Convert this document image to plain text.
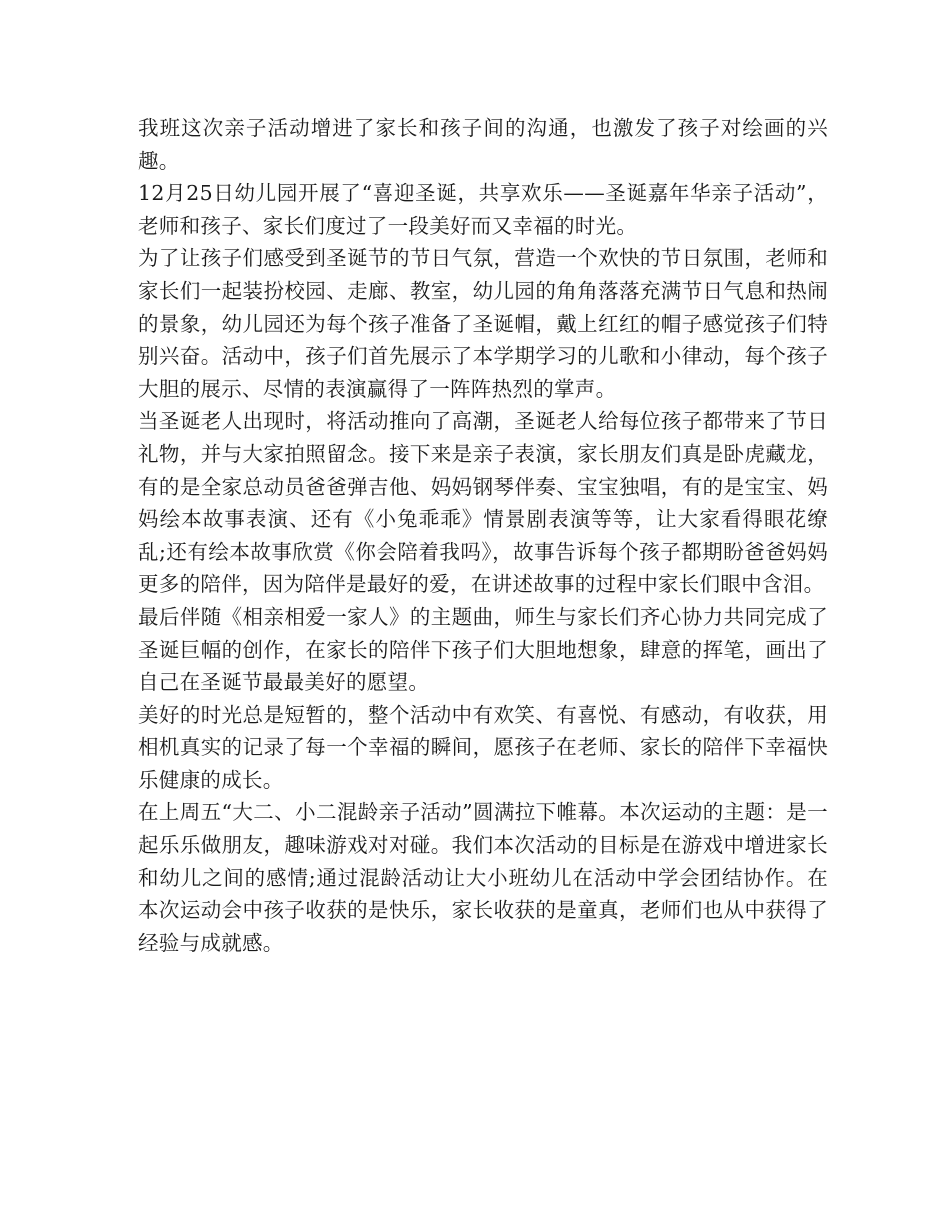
我班这次亲子活动增进了家长和孩子间的沟通，也激发了孩子对绘画的兴趣。

12月25日幼儿园开展了“喜迎圣诞，共享欢乐——圣诞嘉年华亲子活动”，老师和孩子、家长们度过了一段美好而又幸福的时光。

为了让孩子们感受到圣诞节的节日气氛，营造一个欢快的节日氛围，老师和家长们一起装扮校园、走廊、教室，幼儿园的角角落落充满节日气息和热闹的景象，幼儿园还为每个孩子准备了圣诞帽，戴上红红的帽子感觉孩子们特别兴奋。活动中，孩子们首先展示了本学期学习的儿歌和小律动，每个孩子大胆的展示、尽情的表演赢得了一阵阵热烈的掌声。

当圣诞老人出现时，将活动推向了高潮，圣诞老人给每位孩子都带来了节日礼物，并与大家拍照留念。接下来是亲子表演，家长朋友们真是卧虎藏龙，有的是全家总动员爸爸弹吉他、妈妈钢琴伴奏、宝宝独唱，有的是宝宝、妈妈绘本故事表演、还有《小兔乖乖》情景剧表演等等，让大家看得眼花缭乱;还有绘本故事欣赏《你会陪着我吗》，故事告诉每个孩子都期盼爸爸妈妈更多的陪伴，因为陪伴是最好的爱，在讲述故事的过程中家长们眼中含泪。

最后伴随《相亲相爱一家人》的主题曲，师生与家长们齐心协力共同完成了圣诞巨幅的创作，在家长的陪伴下孩子们大胆地想象，肆意的挥笔，画出了自己在圣诞节最最美好的愿望。

美好的时光总是短暂的，整个活动中有欢笑、有喜悦、有感动，有收获，用相机真实的记录了每一个幸福的瞬间，愿孩子在老师、家长的陪伴下幸福快乐健康的成长。

在上周五“大二、小二混龄亲子活动”圆满拉下帷幕。本次运动的主题：是一起乐乐做朋友，趣味游戏对对碰。我们本次活动的目标是在游戏中增进家长和幼儿之间的感情;通过混龄活动让大小班幼儿在活动中学会团结协作。在本次运动会中孩子收获的是快乐，家长收获的是童真，老师们也从中获得了经验与成就感。
